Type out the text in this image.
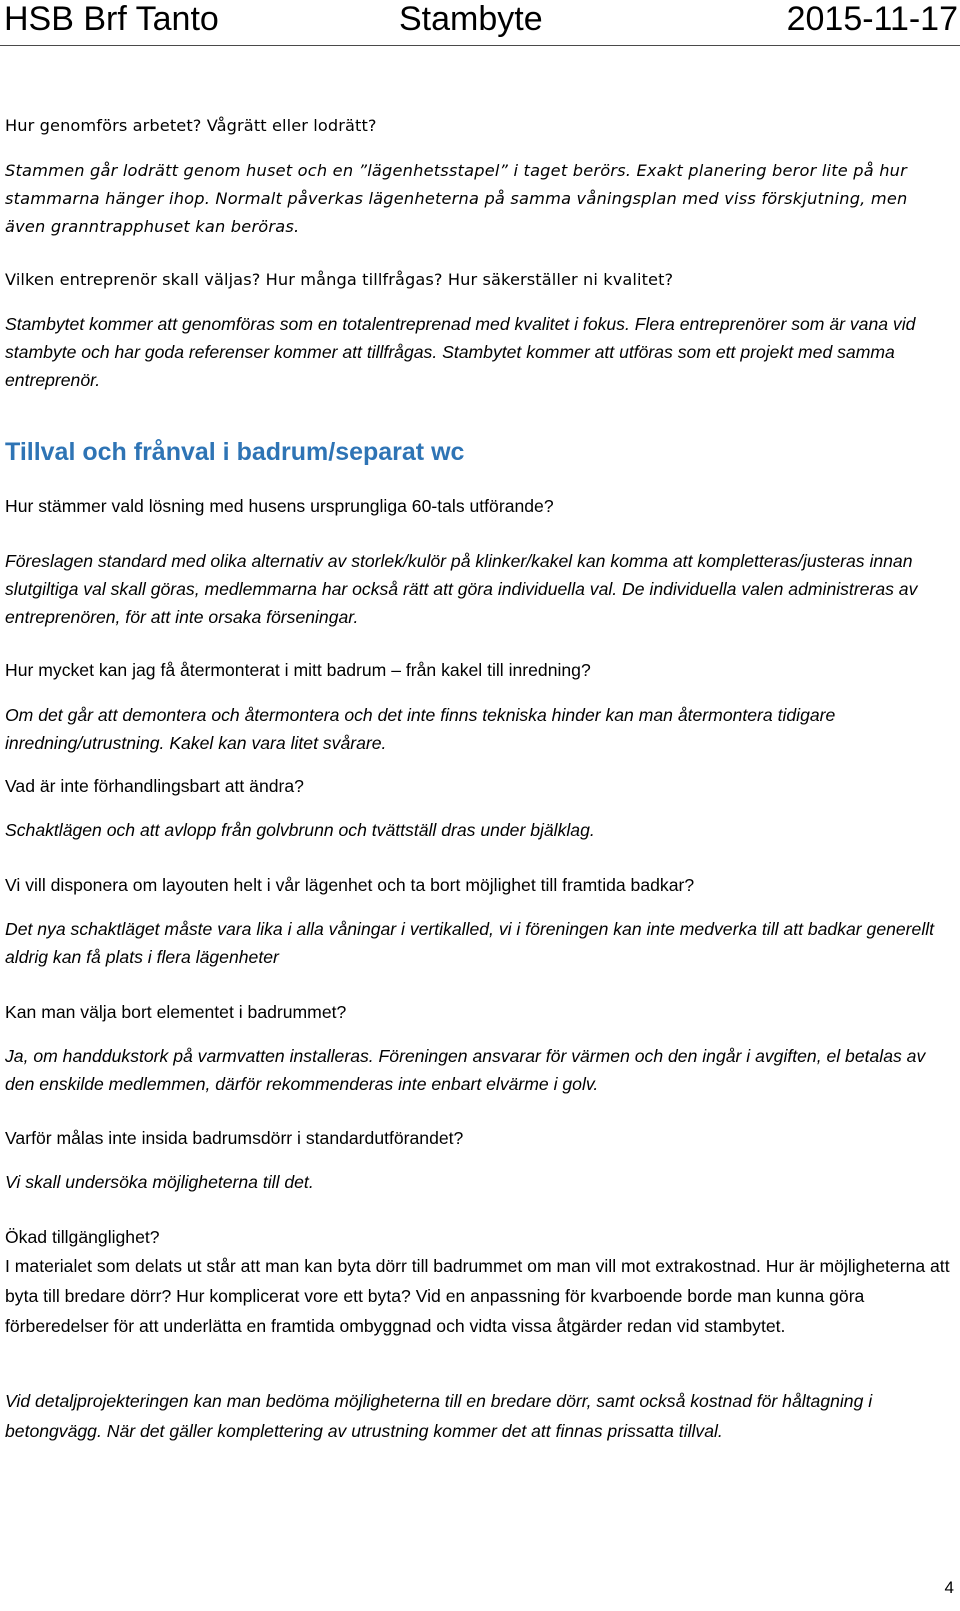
HSB Brf Tanto	Stambyte	2015-11-17

Hur genomförs arbetet? Vågrätt eller lodrätt?

Stammen går lodrätt genom huset och en ”lägenhetsstapel” i taget berörs. Exakt planering beror lite på hur stammarna hänger ihop. Normalt påverkas lägenheterna på samma våningsplan med viss förskjutning, men även granntrapphuset kan beröras.

Vilken entreprenör skall väljas? Hur många tillfrågas? Hur säkerställer ni kvalitet?

Stambytet kommer att genomföras som en totalentreprenad med kvalitet i fokus. Flera entreprenörer som är vana vid stambyte och har goda referenser kommer att tillfrågas. Stambytet kommer att utföras som ett projekt med samma entreprenör.

Tillval och frånval i badrum/separat wc

Hur stämmer vald lösning med husens ursprungliga 60-tals utförande?

Föreslagen standard med olika alternativ av storlek/kulör på klinker/kakel kan komma att kompletteras/justeras innan slutgiltiga val skall göras, medlemmarna har också rätt att göra individuella val. De individuella valen administreras av entreprenören, för att inte orsaka förseningar.

Hur mycket kan jag få återmonterat i mitt badrum – från kakel till inredning?

Om det går att demontera och återmontera och det inte finns tekniska hinder kan man återmontera tidigare inredning/utrustning. Kakel kan vara litet svårare.

Vad är inte förhandlingsbart att ändra?

Schaktlägen och att avlopp från golvbrunn och tvättställ dras under bjälklag.

Vi vill disponera om layouten helt i vår lägenhet och ta bort möjlighet till framtida badkar?

Det nya schaktläget måste vara lika i alla våningar i vertikalled, vi i föreningen kan inte medverka till att badkar generellt aldrig kan få plats i flera lägenheter

Kan man välja bort elementet i badrummet?

Ja, om handdukstork på varmvatten installeras. Föreningen ansvarar för värmen och den ingår i avgiften, el betalas av den enskilde medlemmen, därför rekommenderas inte enbart elvärme i golv.

Varför målas inte insida badrumsdörr i standardutförandet?

Vi skall undersöka möjligheterna till det.

Ökad tillgänglighet?

I materialet som delats ut står att man kan byta dörr till badrummet om man vill mot extrakostnad. Hur är möjligheterna att byta till bredare dörr? Hur komplicerat vore ett byta? Vid en anpassning för kvarboende borde man kunna göra förberedelser för att underlätta en framtida ombyggnad och vidta vissa åtgärder redan vid stambytet.

Vid detaljprojekteringen kan man bedöma möjligheterna till en bredare dörr, samt också kostnad för håltagning i betongvägg. När det gäller komplettering av utrustning kommer det att finnas prissatta tillval.

4
